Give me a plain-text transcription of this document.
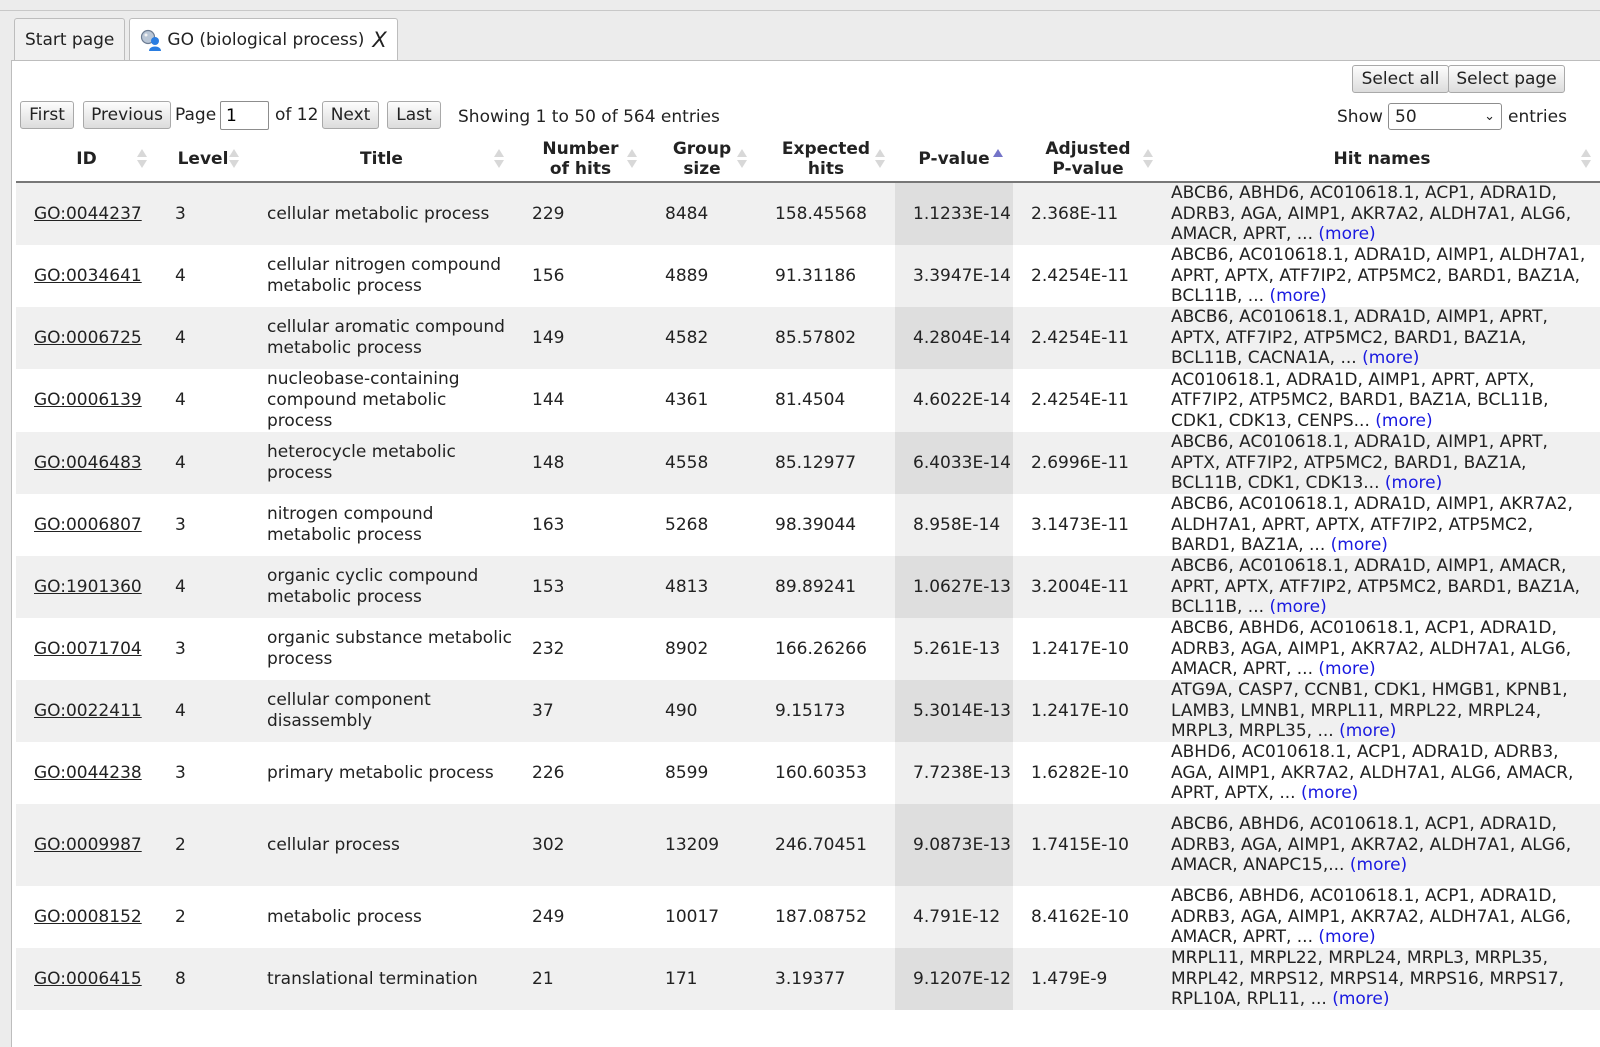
Start page	GO (biological process) X
Select all Select page
First	Previous Page
1	of 12 Next	Last	Showing 1 to 50 of 564 entries	Show 50	⌄ entries
ID	Level	Title	Number
of hits	Group
size	Expected
hits	P-value	Adjusted
P-value	Hit names

GO:0044237	3	cellular metabolic process	229	8484	158.45568	1.1233E-14	2.368E-11	ABCB6, ABHD6, AC010618.1, ACP1, ADRA1D, ADRB3, AGA, AIMP1, AKR7A2, ALDH7A1, ALG6, AMACR, APRT, ... (more)
GO:0034641	4	cellular nitrogen compound metabolic process	156	4889	91.31186	3.3947E-14	2.4254E-11	ABCB6, AC010618.1, ADRA1D, AIMP1, ALDH7A1, APRT, APTX, ATF7IP2, ATP5MC2, BARD1, BAZ1A, BCL11B, ... (more)
GO:0006725	4	cellular aromatic compound metabolic process	149	4582	85.57802	4.2804E-14	2.4254E-11	ABCB6, AC010618.1, ADRA1D, AIMP1, APRT, APTX, ATF7IP2, ATP5MC2, BARD1, BAZ1A, BCL11B, CACNA1A, ... (more)
GO:0006139	4	nucleobase-containing compound metabolic process	144	4361	81.4504	4.6022E-14	2.4254E-11	AC010618.1, ADRA1D, AIMP1, APRT, APTX, ATF7IP2, ATP5MC2, BARD1, BAZ1A, BCL11B, CDK1, CDK13, CENPS... (more)
GO:0046483	4	heterocycle metabolic process	148	4558	85.12977	6.4033E-14	2.6996E-11	ABCB6, AC010618.1, ADRA1D, AIMP1, APRT, APTX, ATF7IP2, ATP5MC2, BARD1, BAZ1A, BCL11B, CDK1, CDK13... (more)
GO:0006807	3	nitrogen compound metabolic process	163	5268	98.39044	8.958E-14	3.1473E-11	ABCB6, AC010618.1, ADRA1D, AIMP1, AKR7A2, ALDH7A1, APRT, APTX, ATF7IP2, ATP5MC2, BARD1, BAZ1A, ... (more)
GO:1901360	4	organic cyclic compound metabolic process	153	4813	89.89241	1.0627E-13	3.2004E-11	ABCB6, AC010618.1, ADRA1D, AIMP1, AMACR, APRT, APTX, ATF7IP2, ATP5MC2, BARD1, BAZ1A, BCL11B, ... (more)
GO:0071704	3	organic substance metabolic process	232	8902	166.26266	5.261E-13	1.2417E-10	ABCB6, ABHD6, AC010618.1, ACP1, ADRA1D, ADRB3, AGA, AIMP1, AKR7A2, ALDH7A1, ALG6, AMACR, APRT, ... (more)
GO:0022411	4	cellular component disassembly	37	490	9.15173	5.3014E-13	1.2417E-10	ATG9A, CASP7, CCNB1, CDK1, HMGB1, KPNB1, LAMB3, LMNB1, MRPL11, MRPL22, MRPL24, MRPL3, MRPL35, ... (more)
GO:0044238	3	primary metabolic process	226	8599	160.60353	7.7238E-13	1.6282E-10	ABHD6, AC010618.1, ACP1, ADRA1D, ADRB3, AGA, AIMP1, AKR7A2, ALDH7A1, ALG6, AMACR, APRT, APTX, ... (more)
GO:0009987	2	cellular process	302	13209	246.70451	9.0873E-13	1.7415E-10	ABCB6, ABHD6, AC010618.1, ACP1, ADRA1D, ADRB3, AGA, AIMP1, AKR7A2, ALDH7A1, ALG6, AMACR, ANAPC15,... (more)
GO:0008152	2	metabolic process	249	10017	187.08752	4.791E-12	8.4162E-10	ABCB6, ABHD6, AC010618.1, ACP1, ADRA1D, ADRB3, AGA, AIMP1, AKR7A2, ALDH7A1, ALG6, AMACR, APRT, ... (more)
GO:0006415	8	translational termination	21	171	3.19377	9.1207E-12	1.479E-9	MRPL11, MRPL22, MRPL24, MRPL3, MRPL35, MRPL42, MRPS12, MRPS14, MRPS16, MRPS17, RPL10A, RPL11, ... (more)
